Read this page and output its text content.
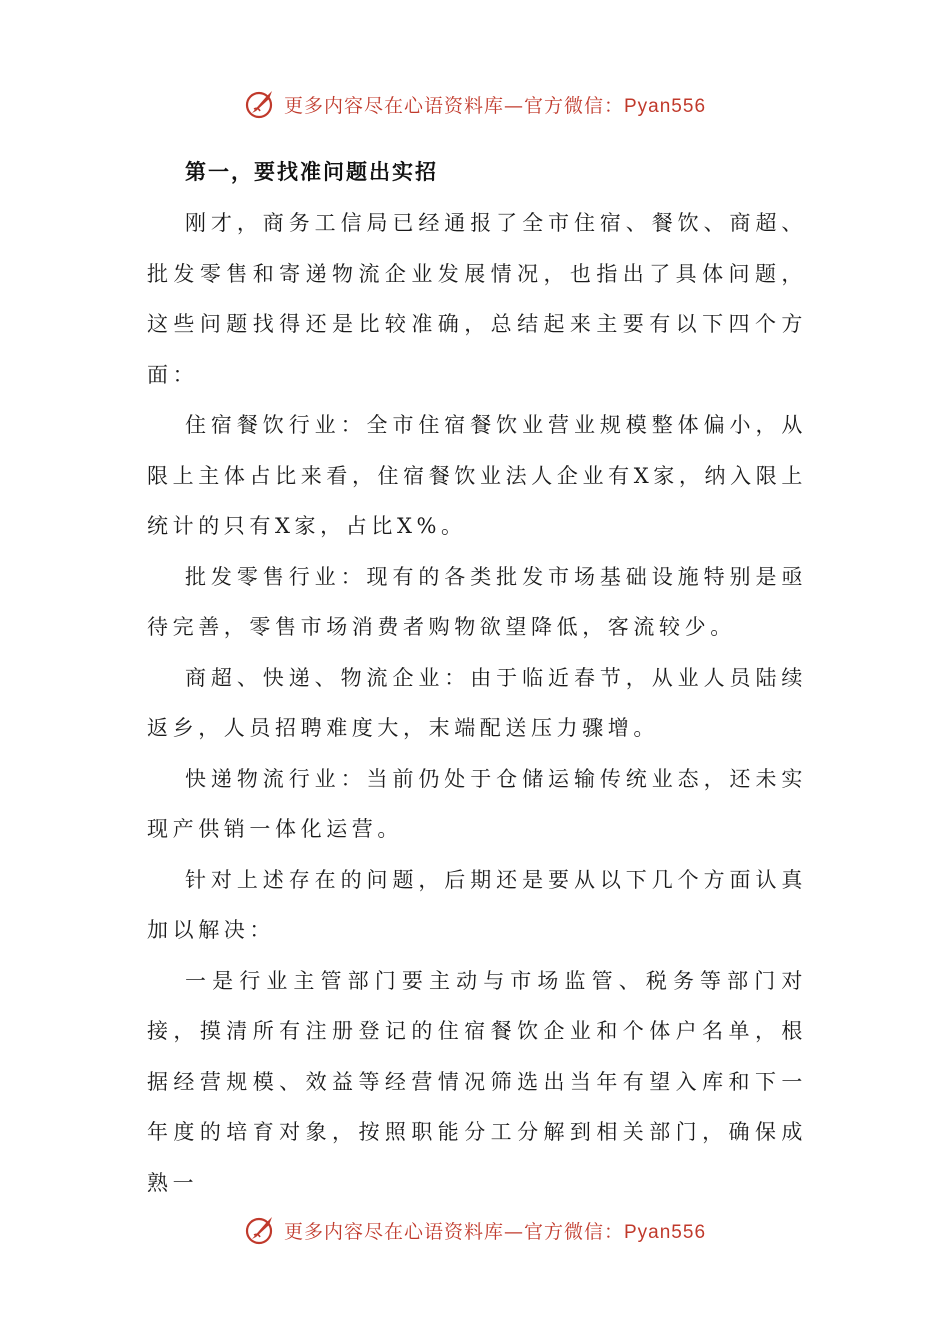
更多内容尽在心语资料库—官方微信：Pyan556

第一，要找准问题出实招

刚才，商务工信局已经通报了全市住宿、餐饮、商超、批发零售和寄递物流企业发展情况，也指出了具体问题，这些问题找得还是比较准确，总结起来主要有以下四个方面：

住宿餐饮行业：全市住宿餐饮业营业规模整体偏小，从限上主体占比来看，住宿餐饮业法人企业有X家，纳入限上统计的只有X家，占比X%。

批发零售行业：现有的各类批发市场基础设施特别是亟待完善，零售市场消费者购物欲望降低，客流较少。

商超、快递、物流企业：由于临近春节，从业人员陆续返乡，人员招聘难度大，末端配送压力骤增。

快递物流行业：当前仍处于仓储运输传统业态，还未实现产供销一体化运营。

针对上述存在的问题，后期还是要从以下几个方面认真加以解决：

一是行业主管部门要主动与市场监管、税务等部门对接，摸清所有注册登记的住宿餐饮企业和个体户名单，根据经营规模、效益等经营情况筛选出当年有望入库和下一年度的培育对象，按照职能分工分解到相关部门，确保成熟一

更多内容尽在心语资料库—官方微信：Pyan556
